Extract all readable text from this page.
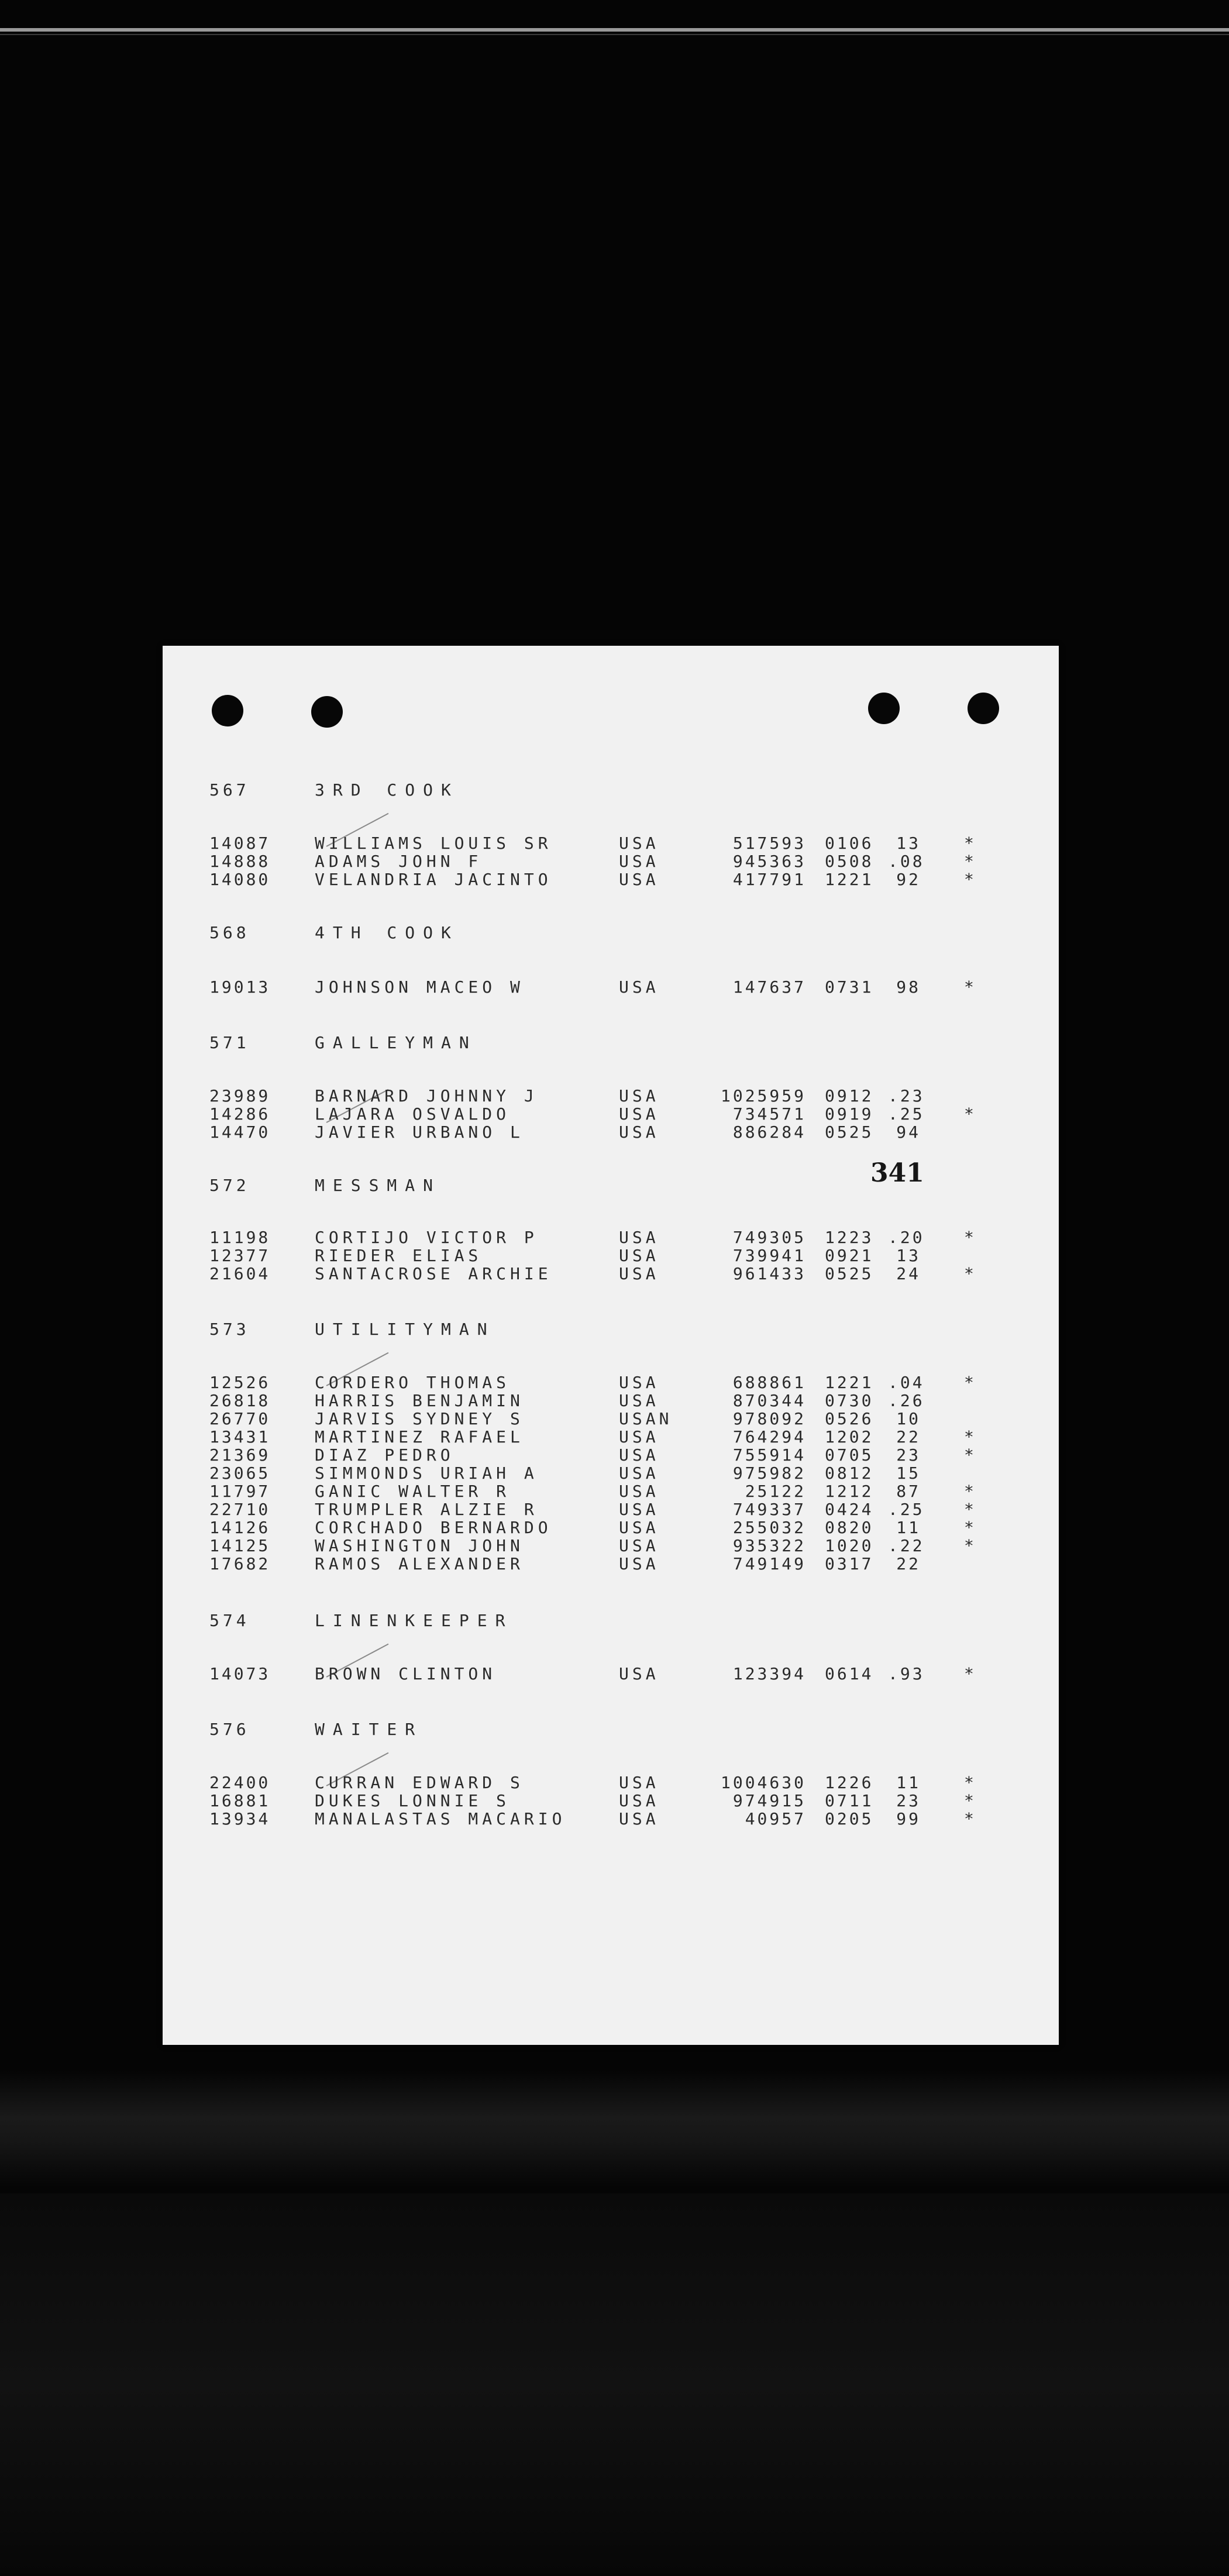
341
567	3RD COOK
14087	WILLIAMS LOUIS SR	USA	517593 0106	13	*
14888	ADAMS JOHN F	USA	945363 0508 .08 *
14080	VELANDRIA JACINTO	USA	417791 1221	92	*
568	4TH COOK
19013	JOHNSON MACEO W	USA	147637 0731	98	*
571	GALLEYMAN
23989	BARNARD JOHNNY J	USA	1025959 0912 .23
14286	LAJARA OSVALDO	USA	734571 0919 .25 *
14470	JAVIER URBANO L	USA	886284 0525	94
572	MESSMAN
11198	CORTIJO VICTOR P	USA	749305 1223 .20 *
12377	RIEDER ELIAS	USA	739941 0921	13
21604	SANTACROSE ARCHIE	USA	961433 0525	24	*
573	UTILITYMAN
12526	CORDERO THOMAS	USA	688861 1221 .04 *
26818	HARRIS BENJAMIN	USA	870344 0730 .26
26770	JARVIS SYDNEY S	USAN	978092 0526	10
13431	MARTINEZ RAFAEL	USA	764294 1202	22	*
21369	DIAZ PEDRO	USA	755914 0705	23	*
23065	SIMMONDS URIAH A	USA	975982 0812	15
11797	GANIC WALTER R	USA	25122 1212	87	*
22710	TRUMPLER ALZIE R	USA	749337 0424 .25 *
14126	CORCHADO BERNARDO	USA	255032 0820	11	*
14125	WASHINGTON JOHN	USA	935322 1020 .22 *
17682	RAMOS ALEXANDER	USA	749149 0317	22
574	LINENKEEPER
14073	BROWN CLINTON	USA	123394 0614 .93 *
576	WAITER
22400	CURRAN EDWARD S	USA	1004630 1226	11	*
16881	DUKES LONNIE S	USA	974915 0711	23	*
13934	MANALASTAS MACARIO	USA	40957 0205	99	*
